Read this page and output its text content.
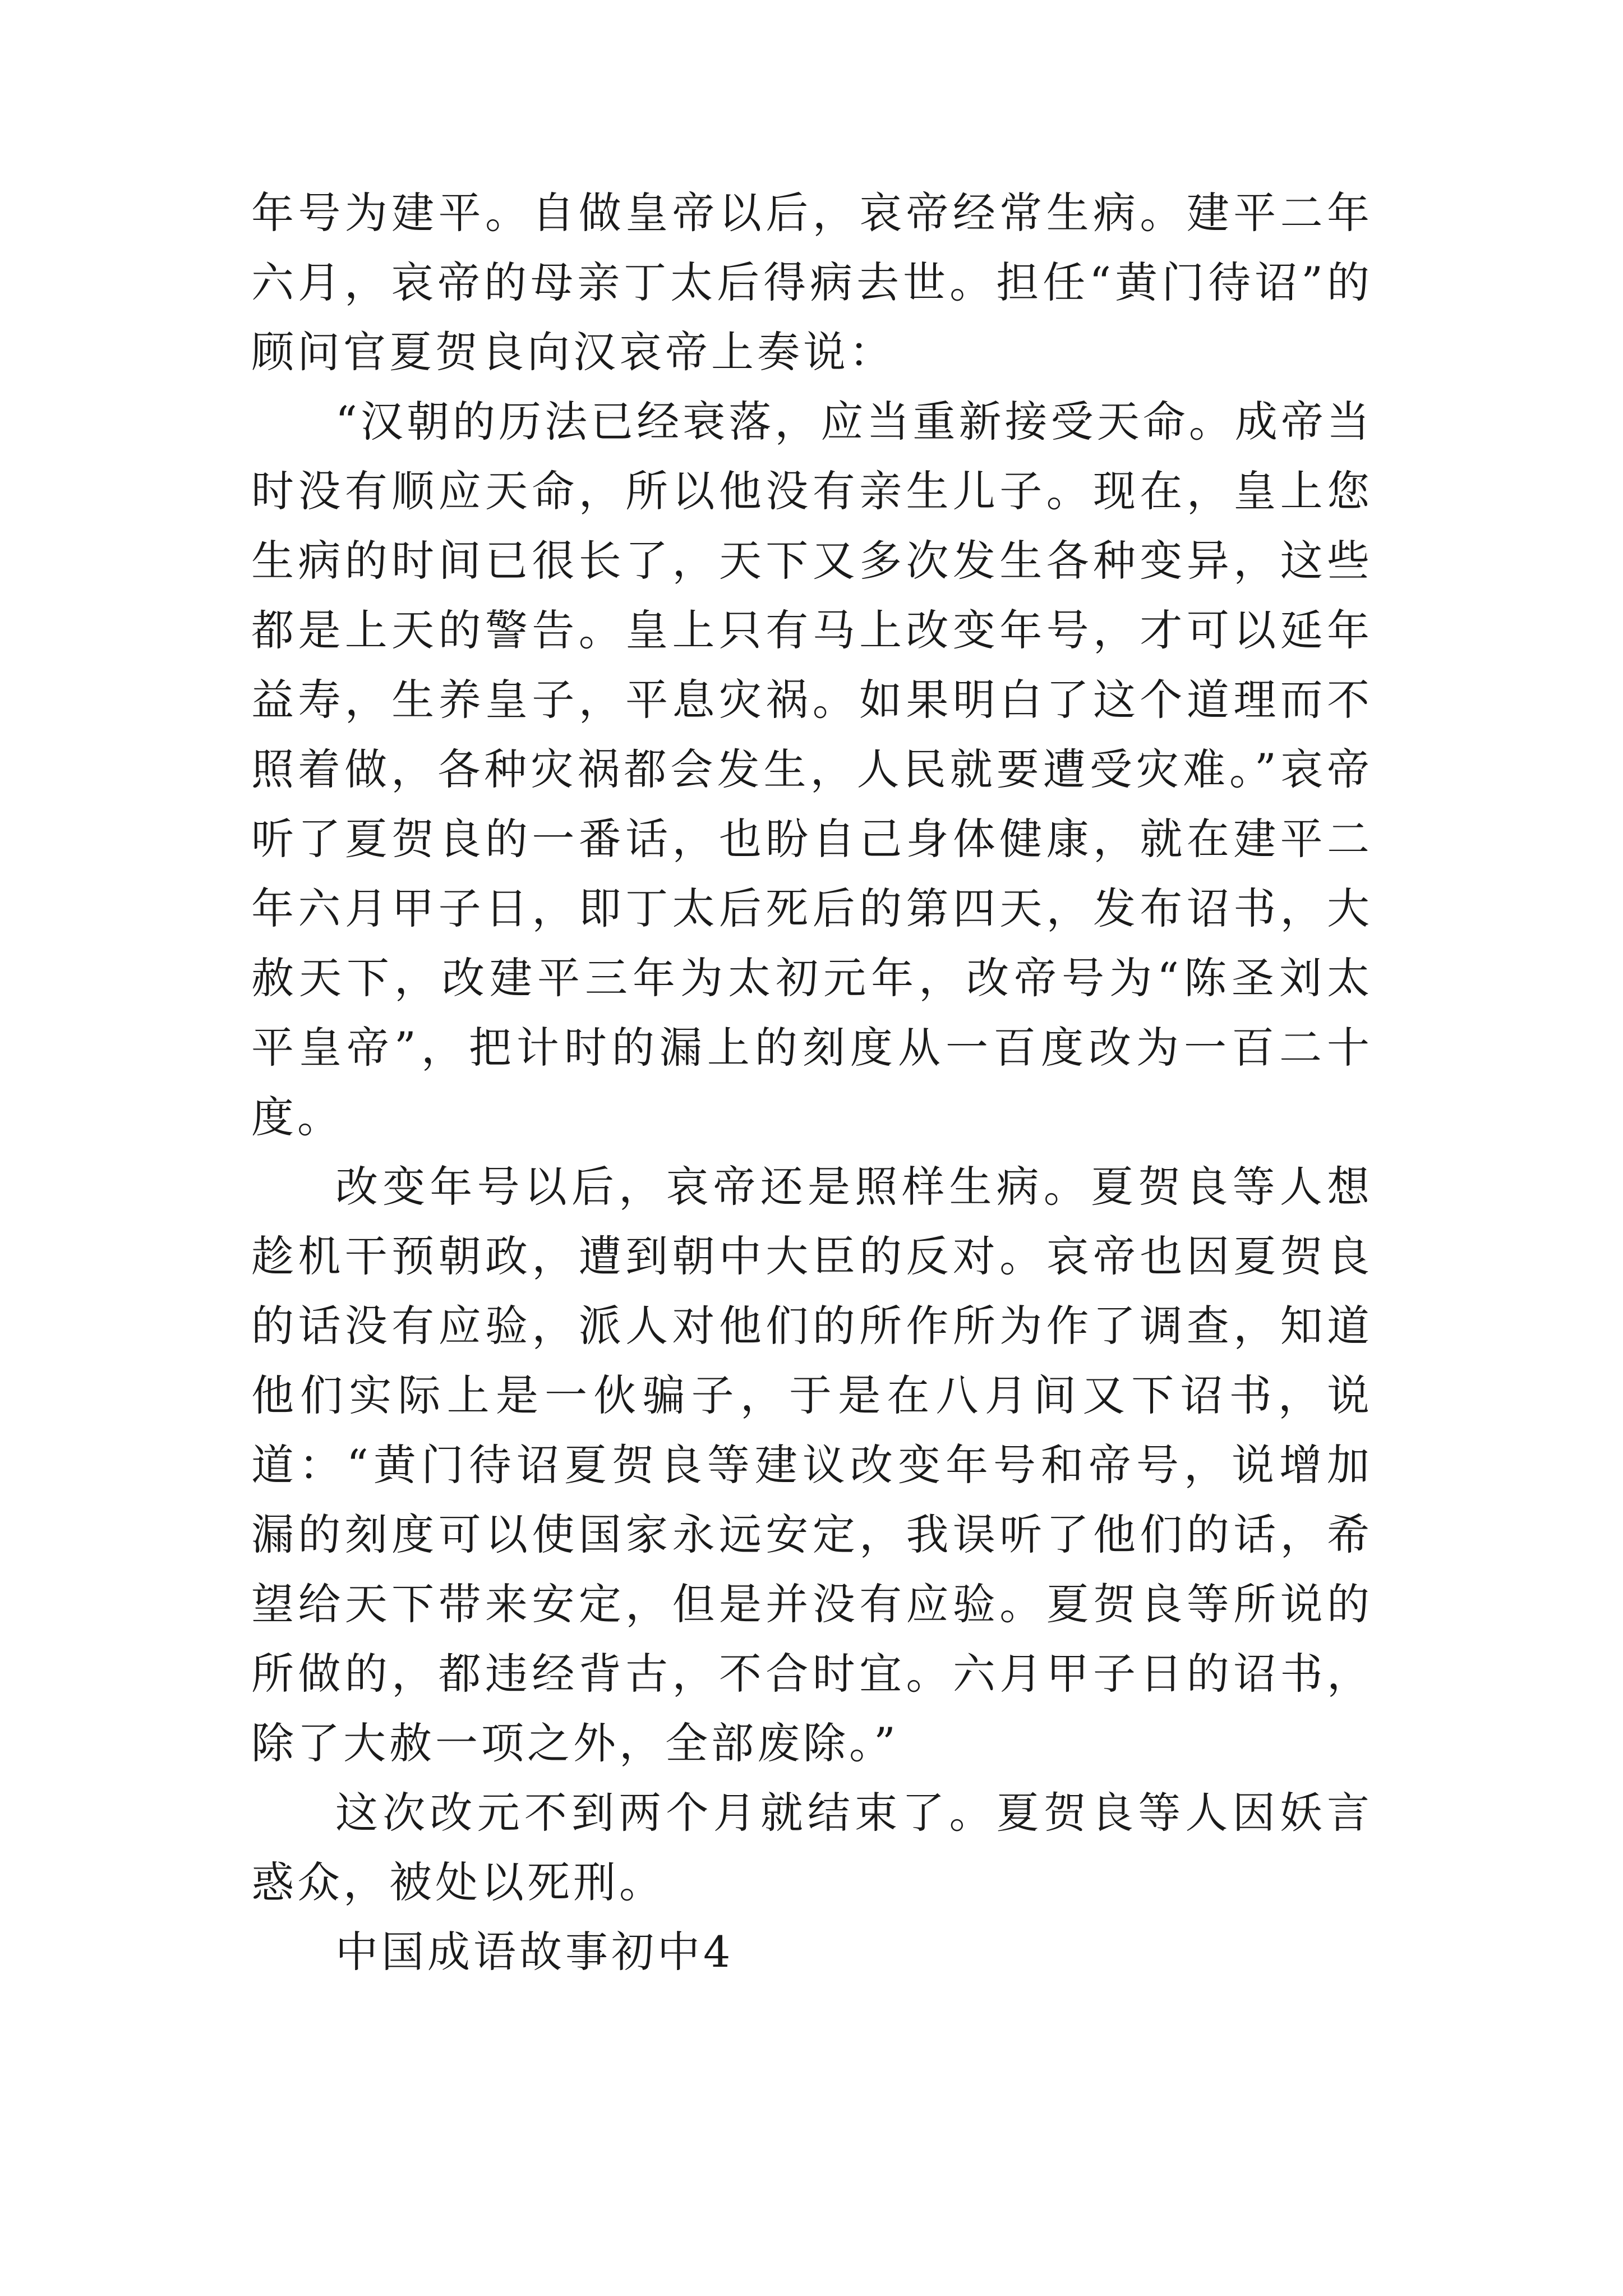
年号为建平。自做皇帝以后，哀帝经常生病。建平二年六月，哀帝的母亲丁太后得病去世。担任“黄门待诏”的顾问官夏贺良向汉哀帝上奏说：

“汉朝的历法已经衰落，应当重新接受天命。成帝当时没有顺应天命，所以他没有亲生儿子。现在，皇上您生病的时间已很长了，天下又多次发生各种变异，这些都是上天的警告。皇上只有马上改变年号，才可以延年益寿，生养皇子，平息灾祸。如果明白了这个道理而不照着做，各种灾祸都会发生，人民就要遭受灾难。”哀帝听了夏贺良的一番话，也盼自己身体健康，就在建平二年六月甲子日，即丁太后死后的第四天，发布诏书，大赦天下，改建平三年为太初元年，改帝号为“陈圣刘太平皇帝”，把计时的漏上的刻度从一百度改为一百二十度。

改变年号以后，哀帝还是照样生病。夏贺良等人想趁机干预朝政，遭到朝中大臣的反对。哀帝也因夏贺良的话没有应验，派人对他们的所作所为作了调查，知道他们实际上是一伙骗子，于是在八月间又下诏书，说道：“黄门待诏夏贺良等建议改变年号和帝号，说增加漏的刻度可以使国家永远安定，我误听了他们的话，希望给天下带来安定，但是并没有应验。夏贺良等所说的所做的，都违经背古，不合时宜。六月甲子日的诏书，除了大赦一项之外，全部废除。”

这次改元不到两个月就结束了。夏贺良等人因妖言惑众，被处以死刑。

中国成语故事初中4
